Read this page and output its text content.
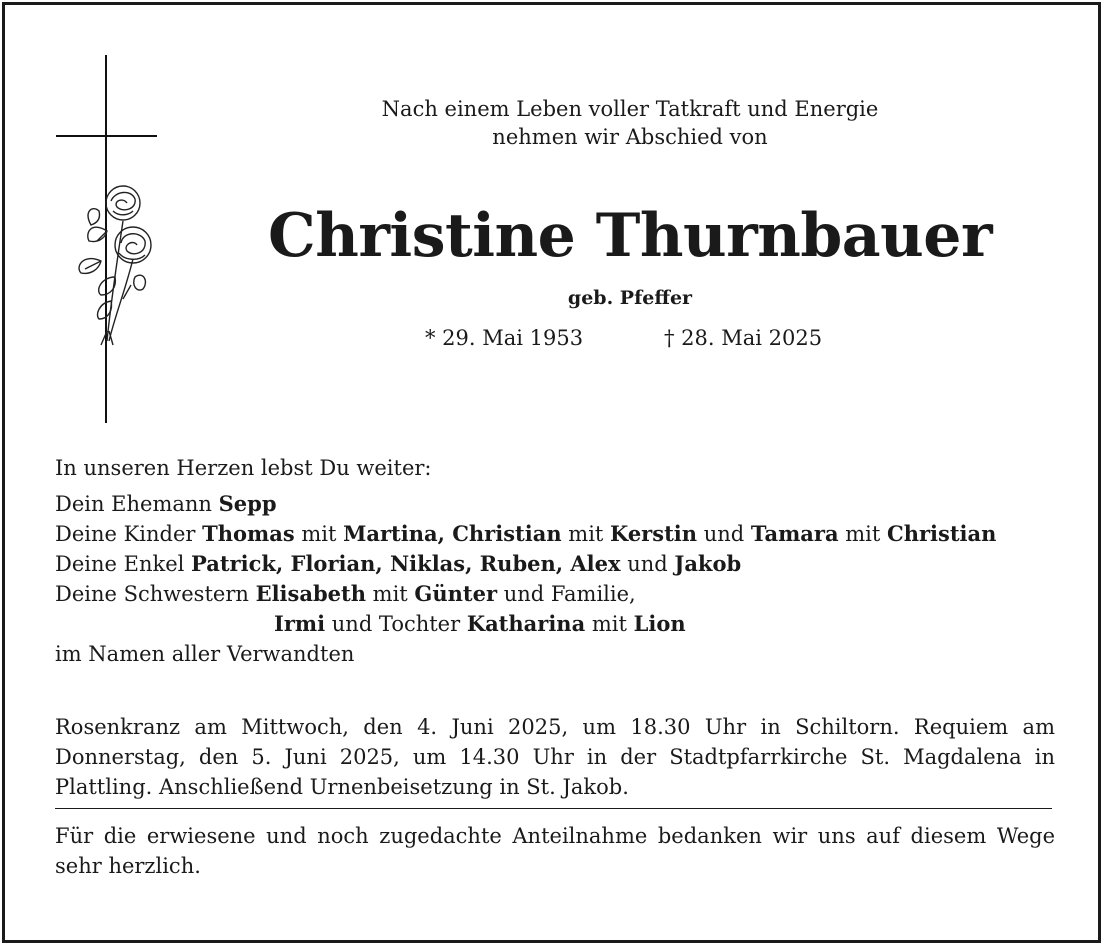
Nach einem Leben voller Tatkraft und Energie
nehmen wir Abschied von
Christine Thurnbauer
geb. Pfeffer
* 29. Mai 1953	† 28. Mai 2025
In unseren Herzen lebst Du weiter:
Dein Ehemann Sepp
Deine Kinder Thomas mit Martina, Christian mit Kerstin und Tamara mit Christian
Deine Enkel Patrick, Florian, Niklas, Ruben, Alex und Jakob
Deine Schwestern Elisabeth mit Günter und Familie,
Irmi und Tochter Katharina mit Lion
im Namen aller Verwandten
Rosenkranz am Mittwoch, den 4. Juni 2025, um 18.30 Uhr in Schiltorn. Requiem am Donnerstag, den 5. Juni 2025, um 14.30 Uhr in der Stadtpfarrkirche St. Magdalena in Plattling. Anschließend Urnenbeisetzung in St. Jakob.
Für die erwiesene und noch zugedachte Anteilnahme bedanken wir uns auf diesem Wege sehr herzlich.
